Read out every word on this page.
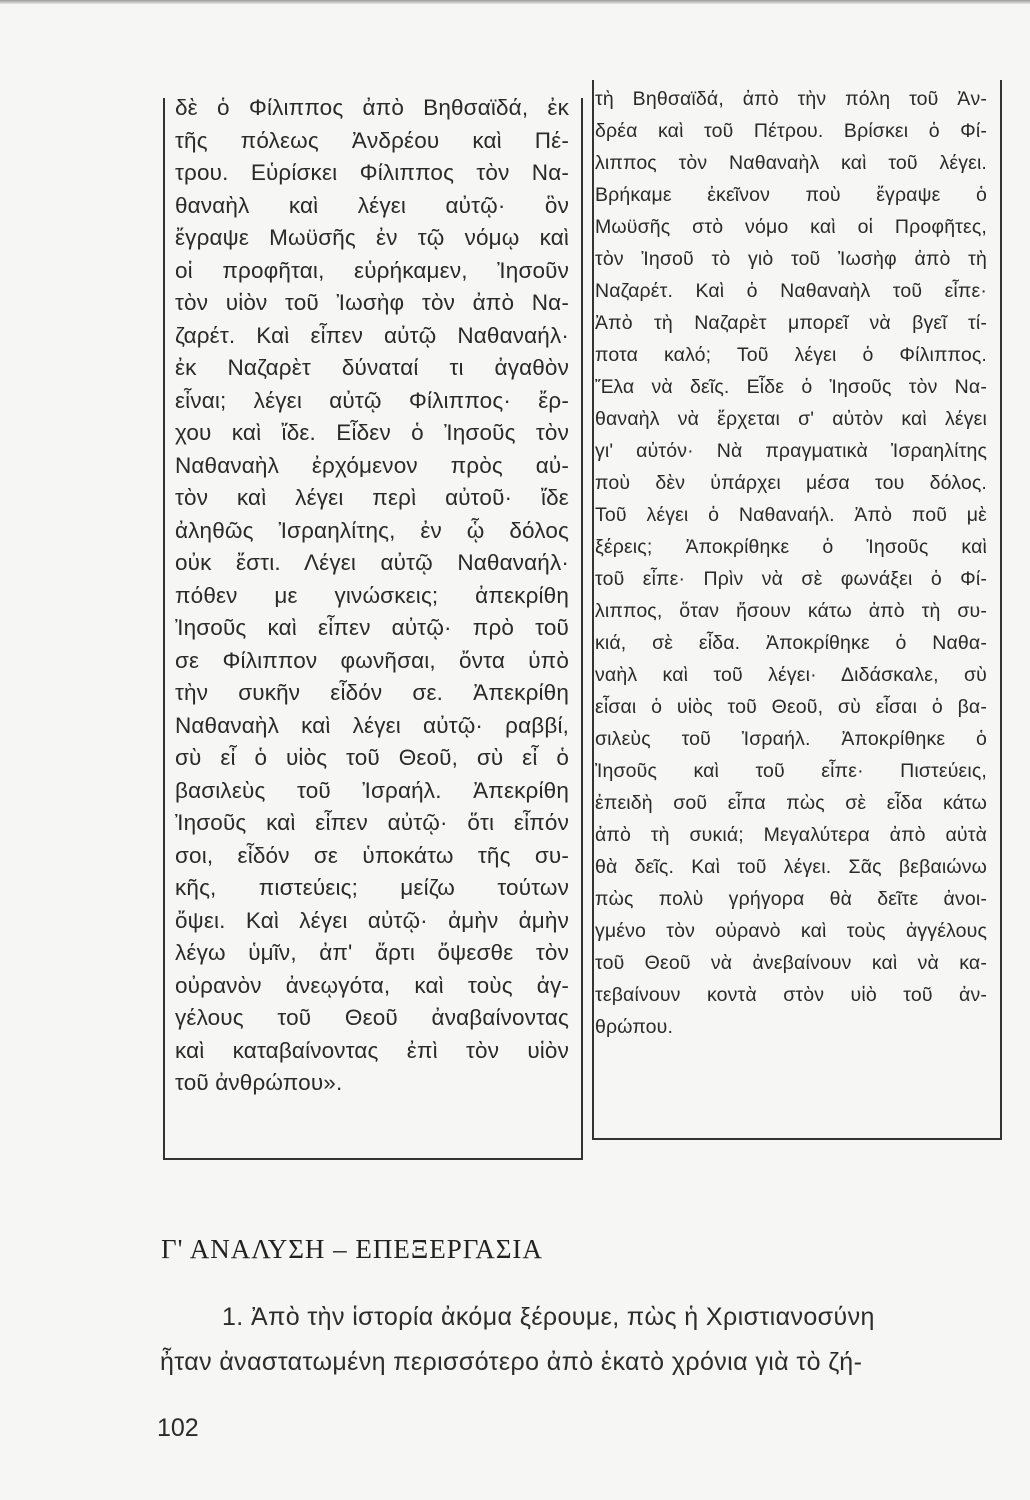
δὲ ὁ Φίλιππος ἀπὸ Βηθσαϊδά, ἐκ
τῆς πόλεως Ἀνδρέου καὶ Πέ-
τρου. Εὑρίσκει Φίλιππος τὸν Να-
θαναὴλ καὶ λέγει αὐτῷ· ὃν
ἔγραψε Μωϋσῆς ἐν τῷ νόμῳ καὶ
οἱ προφῆται, εὑρήκαμεν, Ἰησοῦν
τὸν υἱὸν τοῦ Ἰωσὴφ τὸν ἀπὸ Να-
ζαρέτ. Καὶ εἶπεν αὐτῷ Ναθαναήλ·
ἐκ Ναζαρὲτ δύναταί τι ἀγαθὸν
εἶναι; λέγει αὐτῷ Φίλιππος· ἔρ-
χου καὶ ἴδε. Εἶδεν ὁ Ἰησοῦς τὸν
Ναθαναὴλ ἐρχόμενον πρὸς αὐ-
τὸν καὶ λέγει περὶ αὐτοῦ· ἴδε
ἀληθῶς Ἰσραηλίτης, ἐν ᾧ δόλος
οὐκ ἔστι. Λέγει αὐτῷ Ναθαναήλ·
πόθεν με γινώσκεις; ἀπεκρίθη
Ἰησοῦς καὶ εἶπεν αὐτῷ· πρὸ τοῦ
σε Φίλιππον φωνῆσαι, ὄντα ὑπὸ
τὴν συκῆν εἶδόν σε. Ἀπεκρίθη
Ναθαναὴλ καὶ λέγει αὐτῷ· ραββί,
σὺ εἶ ὁ υἱὸς τοῦ Θεοῦ, σὺ εἶ ὁ
βασιλεὺς τοῦ Ἰσραήλ. Ἀπεκρίθη
Ἰησοῦς καὶ εἶπεν αὐτῷ· ὅτι εἶπόν
σοι, εἶδόν σε ὑποκάτω τῆς συ-
κῆς, πιστεύεις; μείζω τούτων
ὄψει. Καὶ λέγει αὐτῷ· ἀμὴν ἀμὴν
λέγω ὑμῖν, ἀπ' ἄρτι ὄψεσθε τὸν
οὐρανὸν ἀνεῳγότα, καὶ τοὺς ἀγ-
γέλους τοῦ Θεοῦ ἀναβαίνοντας
καὶ καταβαίνοντας ἐπὶ τὸν υἱὸν
τοῦ ἀνθρώπου».
τὴ Βηθσαϊδά, ἀπὸ τὴν πόλη τοῦ Ἀν-
δρέα καὶ τοῦ Πέτρου. Βρίσκει ὁ Φί-
λιππος τὸν Ναθαναὴλ καὶ τοῦ λέγει.
Βρήκαμε ἐκεῖνον ποὺ ἔγραψε ὁ
Μωϋσῆς στὸ νόμο καὶ οἱ Προφῆτες,
τὸν Ἰησοῦ τὸ γιὸ τοῦ Ἰωσὴφ ἀπὸ τὴ
Ναζαρέτ. Καὶ ὁ Ναθαναὴλ τοῦ εἶπε·
Ἀπὸ τὴ Ναζαρὲτ μπορεῖ νὰ βγεῖ τί-
ποτα καλό; Τοῦ λέγει ὁ Φίλιππος.
Ἔλα νὰ δεῖς. Εἶδε ὁ Ἰησοῦς τὸν Να-
θαναὴλ νὰ ἔρχεται σ' αὐτὸν καὶ λέγει
γι' αὐτόν· Νὰ πραγματικὰ Ἰσραηλίτης
ποὺ δὲν ὑπάρχει μέσα του δόλος.
Τοῦ λέγει ὁ Ναθαναήλ. Ἀπὸ ποῦ μὲ
ξέρεις; Ἀποκρίθηκε ὁ Ἰησοῦς καὶ
τοῦ εἶπε· Πρὶν νὰ σὲ φωνάξει ὁ Φί-
λιππος, ὅταν ἤσουν κάτω ἀπὸ τὴ συ-
κιά, σὲ εἶδα. Ἀποκρίθηκε ὁ Ναθα-
ναὴλ καὶ τοῦ λέγει· Διδάσκαλε, σὺ
εἶσαι ὁ υἱὸς τοῦ Θεοῦ, σὺ εἶσαι ὁ βα-
σιλεὺς τοῦ Ἰσραήλ. Ἀποκρίθηκε ὁ
Ἰησοῦς καὶ τοῦ εἶπε· Πιστεύεις,
ἐπειδὴ σοῦ εἶπα πὼς σὲ εἶδα κάτω
ἀπὸ τὴ συκιά; Μεγαλύτερα ἀπὸ αὐτὰ
θὰ δεῖς. Καὶ τοῦ λέγει. Σᾶς βεβαιώνω
πὼς πολὺ γρήγορα θὰ δεῖτε ἀνοι-
γμένο τὸν οὐρανὸ καὶ τοὺς ἀγγέλους
τοῦ Θεοῦ νὰ ἀνεβαίνουν καὶ νὰ κα-
τεβαίνουν κοντὰ στὸν υἱὸ τοῦ ἀν-
θρώπου.
Γ' ΑΝΑΛΥΣΗ – ΕΠΕΞΕΡΓΑΣΙΑ
1. Ἀπὸ τὴν ἱστορία ἀκόμα ξέρουμε, πὼς ἡ Χριστιανοσύνη
ἦταν ἀναστατωμένη περισσότερο ἀπὸ ἑκατὸ χρόνια γιὰ τὸ ζή-
102
